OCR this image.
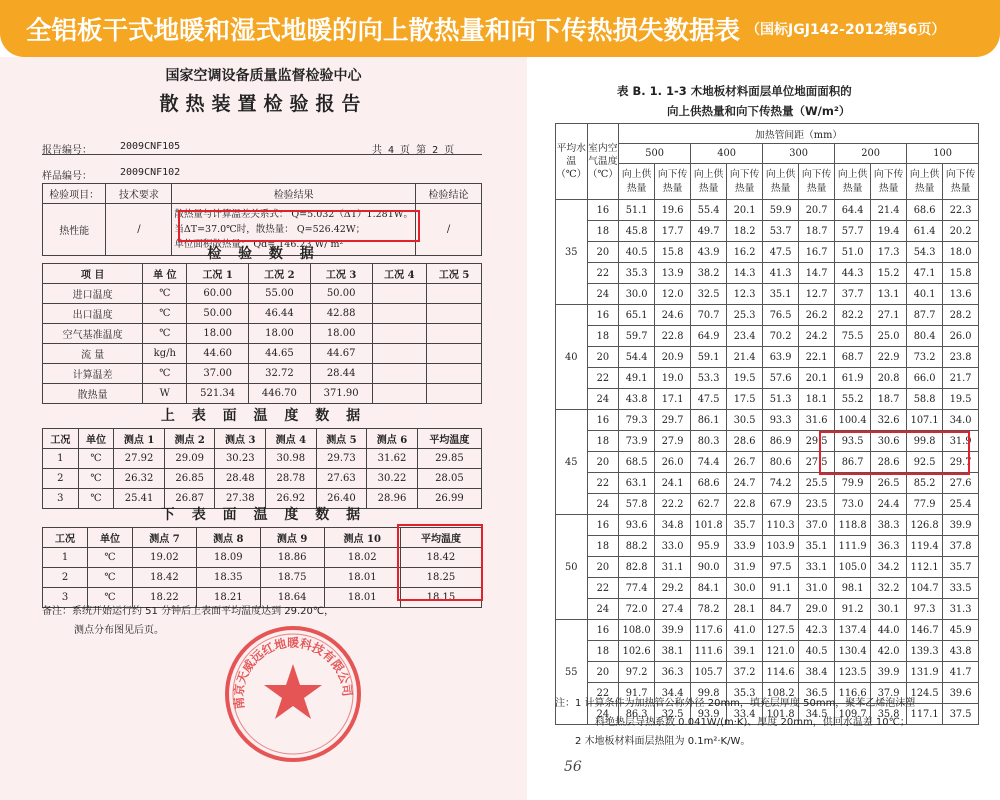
全铝板干式地暖和湿式地暖的向上散热量和向下传热损失数据表 （国标JGJ142-2012第56页）
国家空调设备质量监督检验中心
散热装置检验报告
报告编号：	2009CNF105	共 4 页 第 2 页
样品编号：	2009CNF102
检验项目：	技术要求	检验结果	检验结论
热性能	/	散热量与计算温差关系式： Q=5.032（ΔT）1.281W。
当ΔT=37.0℃时，散热量： Q=526.42W；
单位面积散热量： Qd= 146.23 W/ m²	/
检 验 数 据
项 目	单 位	工况 1	工况 2	工况 3	工况 4	工况 5
进口温度	℃	60.00	55.00	50.00		
出口温度	℃	50.00	46.44	42.88		
空气基准温度	℃	18.00	18.00	18.00		
流 量	kg/h	44.60	44.65	44.67		
计算温差	℃	37.00	32.72	28.44		
散热量	W	521.34	446.70	371.90		
上 表 面 温 度 数 据
工况	单位	测点 1	测点 2	测点 3	测点 4	测点 5	测点 6	平均温度
1	℃	27.92	29.09	30.23	30.98	29.73	31.62	29.85
2	℃	26.32	26.85	28.48	28.78	27.63	30.22	28.05
3	℃	25.41	26.87	27.38	26.92	26.40	28.96	26.99
下 表 面 温 度 数 据
工况	单位	测点 7	测点 8	测点 9	测点 10	平均温度
1	℃	19.02	18.09	18.86	18.02	18.42
2	℃	18.42	18.35	18.75	18.01	18.25
3	℃	18.22	18.21	18.64	18.01	18.15
备注：系统开始运行约 51 分钟后上表面平均温度达到 29.20℃，
测点分布图见后页。
南京天威远红地暖科技有限公司
表 B. 1. 1-3 木地板材料面层单位地面面积的
向上供热量和向下传热量（W/m²）
平均水温（℃）	室内空气温度（℃）	加热管间距（mm）									
		500		400		300		200		100	
		向上供热量	向下传热量	向上供热量	向下传热量	向上供热量	向下传热量	向上供热量	向下传热量	向上供热量	向下传热量
35	16	51.1	19.6	55.4	20.1	59.9	20.7	64.4	21.4	68.6	22.3
	18	45.8	17.7	49.7	18.2	53.7	18.7	57.7	19.4	61.4	20.2
	20	40.5	15.8	43.9	16.2	47.5	16.7	51.0	17.3	54.3	18.0
	22	35.3	13.9	38.2	14.3	41.3	14.7	44.3	15.2	47.1	15.8
	24	30.0	12.0	32.5	12.3	35.1	12.7	37.7	13.1	40.1	13.6
40	16	65.1	24.6	70.7	25.3	76.5	26.2	82.2	27.1	87.7	28.2
	18	59.7	22.8	64.9	23.4	70.2	24.2	75.5	25.0	80.4	26.0
	20	54.4	20.9	59.1	21.4	63.9	22.1	68.7	22.9	73.2	23.8
	22	49.1	19.0	53.3	19.5	57.6	20.1	61.9	20.8	66.0	21.7
	24	43.8	17.1	47.5	17.5	51.3	18.1	55.2	18.7	58.8	19.5
45	16	79.3	29.7	86.1	30.5	93.3	31.6	100.4	32.6	107.1	34.0
	18	73.9	27.9	80.3	28.6	86.9	29.5	93.5	30.6	99.8	31.9
	20	68.5	26.0	74.4	26.7	80.6	27.5	86.7	28.6	92.5	29.7
	22	63.1	24.1	68.6	24.7	74.2	25.5	79.9	26.5	85.2	27.6
	24	57.8	22.2	62.7	22.8	67.9	23.5	73.0	24.4	77.9	25.4
50	16	93.6	34.8	101.8	35.7	110.3	37.0	118.8	38.3	126.8	39.9
	18	88.2	33.0	95.9	33.9	103.9	35.1	111.9	36.3	119.4	37.8
	20	82.8	31.1	90.0	31.9	97.5	33.1	105.0	34.2	112.1	35.7
	22	77.4	29.2	84.1	30.0	91.1	31.0	98.1	32.2	104.7	33.5
	24	72.0	27.4	78.2	28.1	84.7	29.0	91.2	30.1	97.3	31.3
55	16	108.0	39.9	117.6	41.0	127.5	42.3	137.4	44.0	146.7	45.9
	18	102.6	38.1	111.6	39.1	121.0	40.5	130.4	42.0	139.3	43.8
	20	97.2	36.3	105.7	37.2	114.6	38.4	123.5	39.9	131.9	41.7
	22	91.7	34.4	99.8	35.3	108.2	36.5	116.6	37.9	124.5	39.6
	24	86.3	32.5	93.9	33.4	101.8	34.5	109.7	35.8	117.1	37.5
注：1 计算条件为加热管公称外径 20mm，填充层厚度 50mm，聚苯乙烯泡沫塑
料绝热层导热系数 0.041W/(m·K)、厚度 20mm，供回水温差 10℃；
2 木地板材料面层热阻为 0.1m²·K/W。
56
